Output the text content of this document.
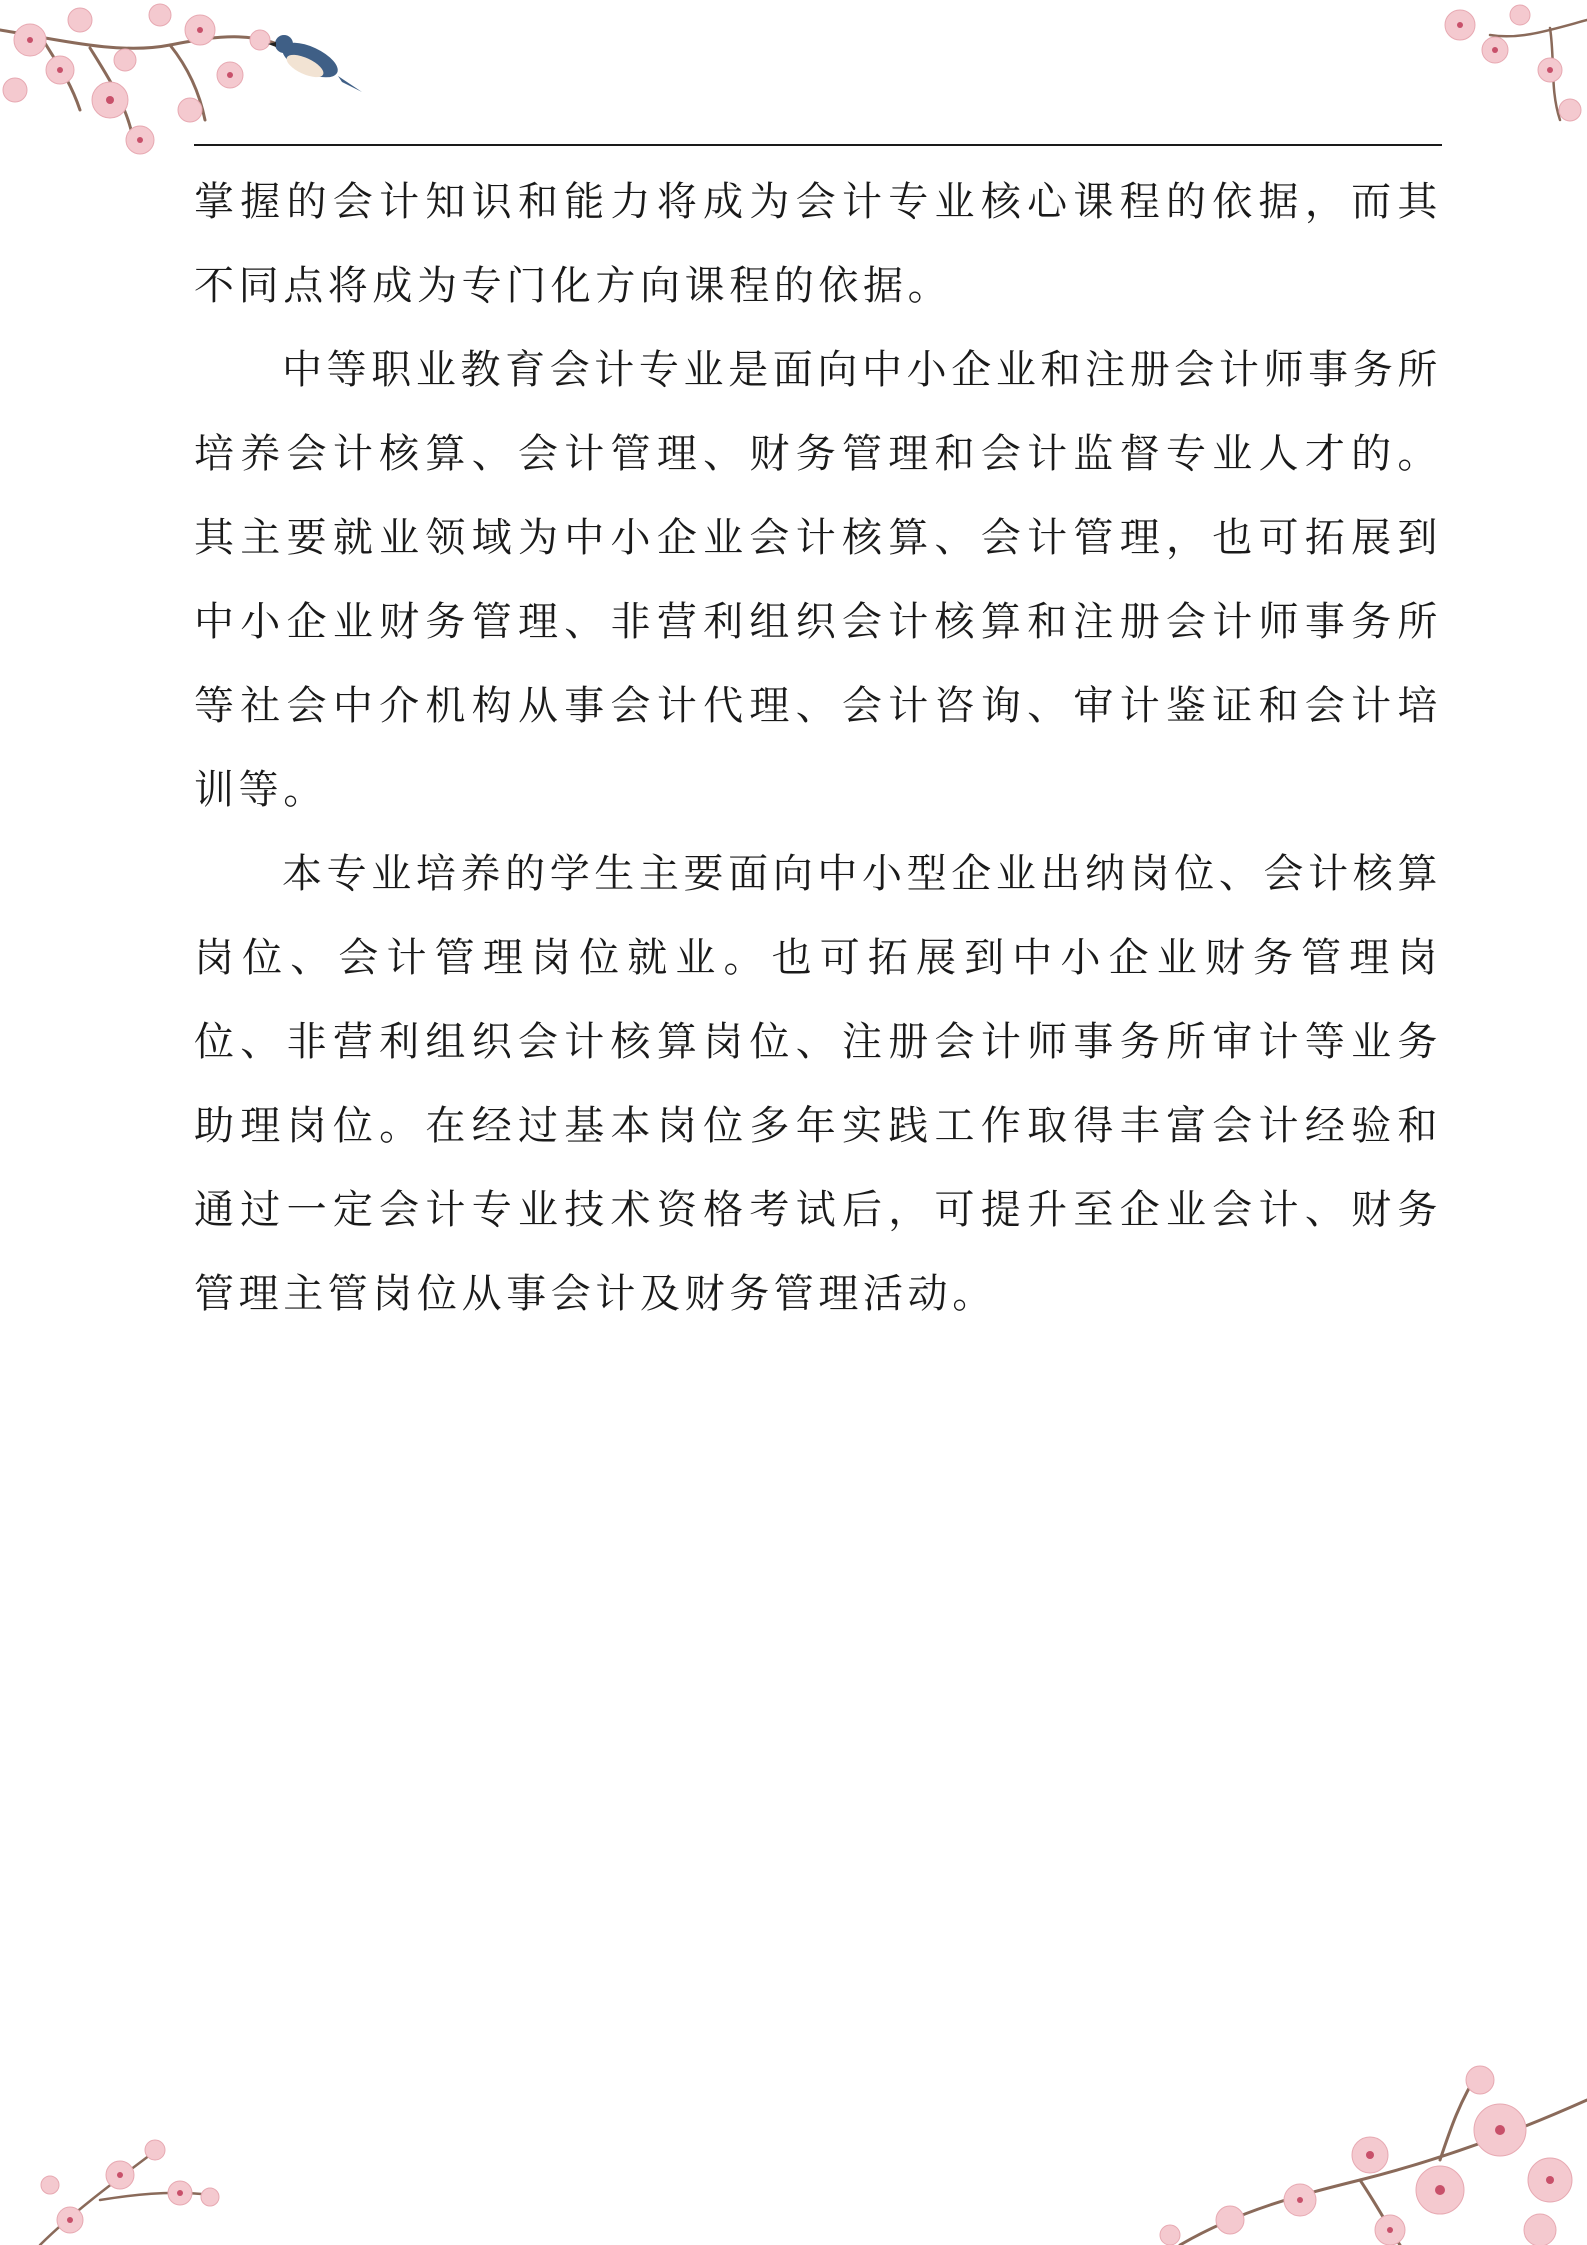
掌握的会计知识和能力将成为会计专业核心课程的依据，而其不同点将成为专门化方向课程的依据。

中等职业教育会计专业是面向中小企业和注册会计师事务所培养会计核算、会计管理、财务管理和会计监督专业人才的。其主要就业领域为中小企业会计核算、会计管理，也可拓展到中小企业财务管理、非营利组织会计核算和注册会计师事务所等社会中介机构从事会计代理、会计咨询、审计鉴证和会计培训等。

本专业培养的学生主要面向中小型企业出纳岗位、会计核算岗位、会计管理岗位就业。也可拓展到中小企业财务管理岗位、非营利组织会计核算岗位、注册会计师事务所审计等业务助理岗位。在经过基本岗位多年实践工作取得丰富会计经验和通过一定会计专业技术资格考试后，可提升至企业会计、财务管理主管岗位从事会计及财务管理活动。
